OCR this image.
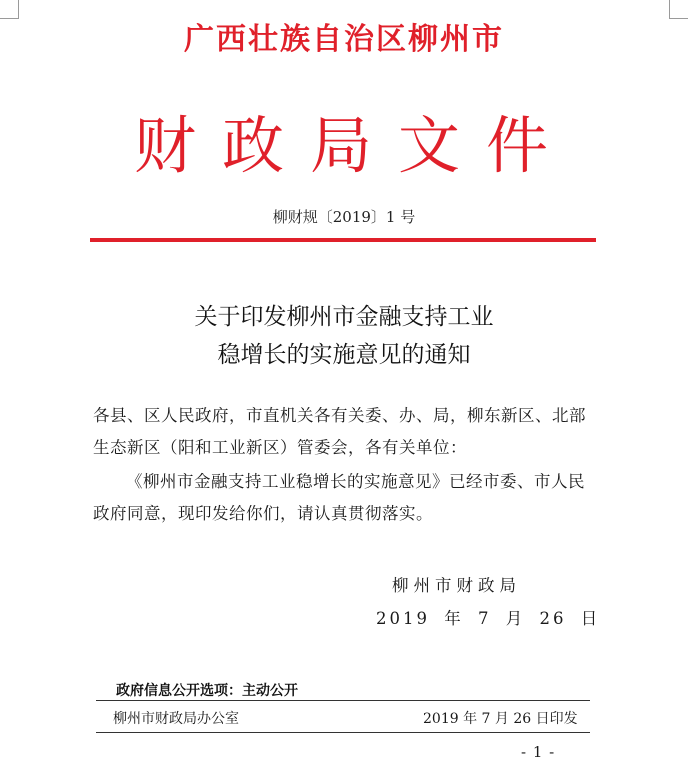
广西壮族自治区柳州市
财政局文件
柳财规〔2019〕1 号
关于印发柳州市金融支持工业
稳增长的实施意见的通知
各县、区人民政府，市直机关各有关委、办、局，柳东新区、北部生态新区（阳和工业新区）管委会，各有关单位：
《柳州市金融支持工业稳增长的实施意见》已经市委、市人民政府同意，现印发给你们，请认真贯彻落实。
柳州市财政局
2019 年 7 月 26 日
政府信息公开选项：主动公开
柳州市财政局办公室	2019 年 7 月 26 日印发
- 1 -
